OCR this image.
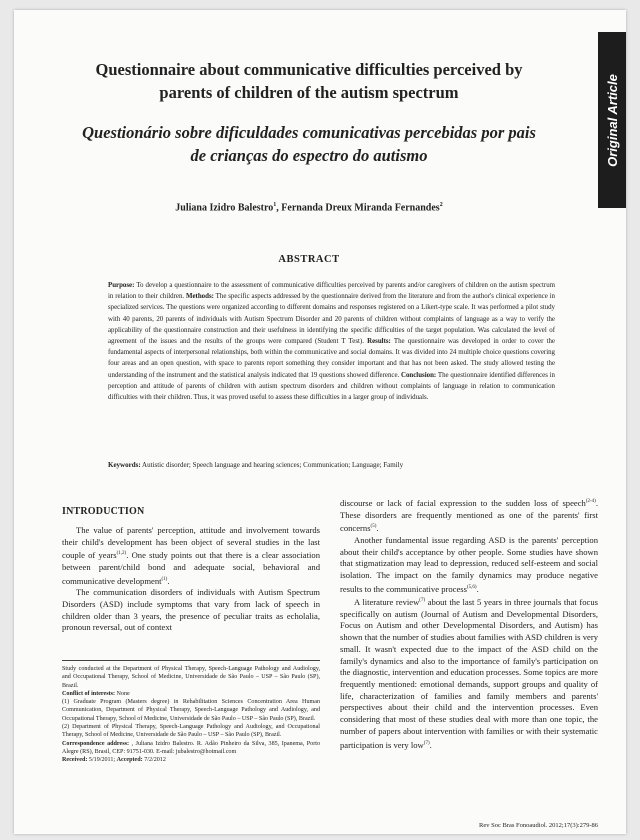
Original Article
Questionnaire about communicative difficulties perceived by parents of children of the autism spectrum
Questionário sobre dificuldades comunicativas percebidas por pais de crianças do espectro do autismo
Juliana Izidro Balestro$^1$, Fernanda Dreux Miranda Fernandes$^2$
ABSTRACT
Purpose: To develop a questionnaire to the assessment of communicative difficulties perceived by parents and/or caregivers of children on the autism spectrum in relation to their children. Methods: The specific aspects addressed by the questionnaire derived from the literature and from the author's clinical experience in specialized services. The questions were organized according to different domains and responses registered on a Likert-type scale. It was performed a pilot study with 40 parents, 20 parents of individuals with Autism Spectrum Disorder and 20 parents of children without complaints of language as a way to verify the applicability of the questionnaire construction and their usefulness in identifying the specific difficulties of the target population. Was calculated the level of agreement of the issues and the results of the groups were compared (Student T Test). Results: The questionnaire was developed in order to cover the fundamental aspects of interpersonal relationships, both within the communicative and social domains. It was divided into 24 multiple choice questions covering four areas and an open question, with space to parents report something they consider important and that has not been asked. The study allowed testing the understanding of the instrument and the statistical analysis indicated that 19 questions showed difference. Conclusion: The questionnaire identified differences in perception and attitude of parents of children with autism spectrum disorders and children without complaints of language in relation to communication difficulties with their children. Thus, it was proved useful to assess these difficulties in a larger group of individuals.
Keywords: Autistic disorder; Speech language and hearing sciences; Communication; Language; Family
INTRODUCTION

The value of parents' perception, attitude and involvement towards their child's development has been object of several studies in the last couple of years$^{(1,2)}$. One study points out that there is a clear association between parent/child bond and adequate social, behavioral and communicative development$^{(1)}$.

The communication disorders of individuals with Autism Spectrum Disorders (ASD) include symptoms that vary from lack of speech in children older than 3 years, the presence of peculiar traits as echolalia, pronoun reversal, out of context

Study conducted at the Department of Physical Therapy, Speech-Language Pathology and Audiology, and Occupational Therapy, School of Medicine, Universidade de São Paulo – USP – São Paulo (SP), Brazil.
Conflict of interests: None
(1) Graduate Program (Masters degree) in Rehabilitation Sciences Concentration Area Human Communication, Department of Physical Therapy, Speech-Language Pathology and Audiology, and Occupational Therapy, School of Medicine, Universidade de São Paulo – USP – São Paulo (SP), Brazil.
(2) Department of Physical Therapy, Speech-Language Pathology and Audiology, and Occupational Therapy, School of Medicine, Universidade de São Paulo – USP – São Paulo (SP), Brazil.
Correspondence address: , Juliana Izidro Balestro. R. Adão Pinheiro da Silva, 385, Ipanema, Porto Alegre (RS), Brasil, CEP: 91751-030. E-mail: jubalestro@hotmail.com
Received: 5/19/2011; Accepted: 7/2/2012

discourse or lack of facial expression to the sudden loss of speech$^{(2-4)}$. These disorders are frequently mentioned as one of the parents' first concerns$^{(5)}$.

Another fundamental issue regarding ASD is the parents' perception about their child's acceptance by other people. Some studies have shown that stigmatization may lead to depression, reduced self-esteem and social isolation. The impact on the family dynamics may produce negative results to the communicative process$^{(5,6)}$.

A literature review$^{(7)}$ about the last 5 years in three journals that focus specifically on autism (Journal of Autism and Developmental Disorders, Focus on Autism and other Developmental Disorders, and Autism) has shown that the number of studies about families with ASD children is very small. It wasn't expected due to the impact of the ASD child on the family's dynamics and also to the importance of family's participation on the diagnostic, intervention and education processes. Some topics are more frequently mentioned: emotional demands, support groups and quality of life, characterization of families and family members and parents' perspectives about their child and the intervention processes. Even considering that most of these studies deal with more than one topic, the number of papers about intervention with families or with their systematic participation is very low$^{(7)}$.

Rev Soc Bras Fonoaudiol. 2012;17(3):279-86
